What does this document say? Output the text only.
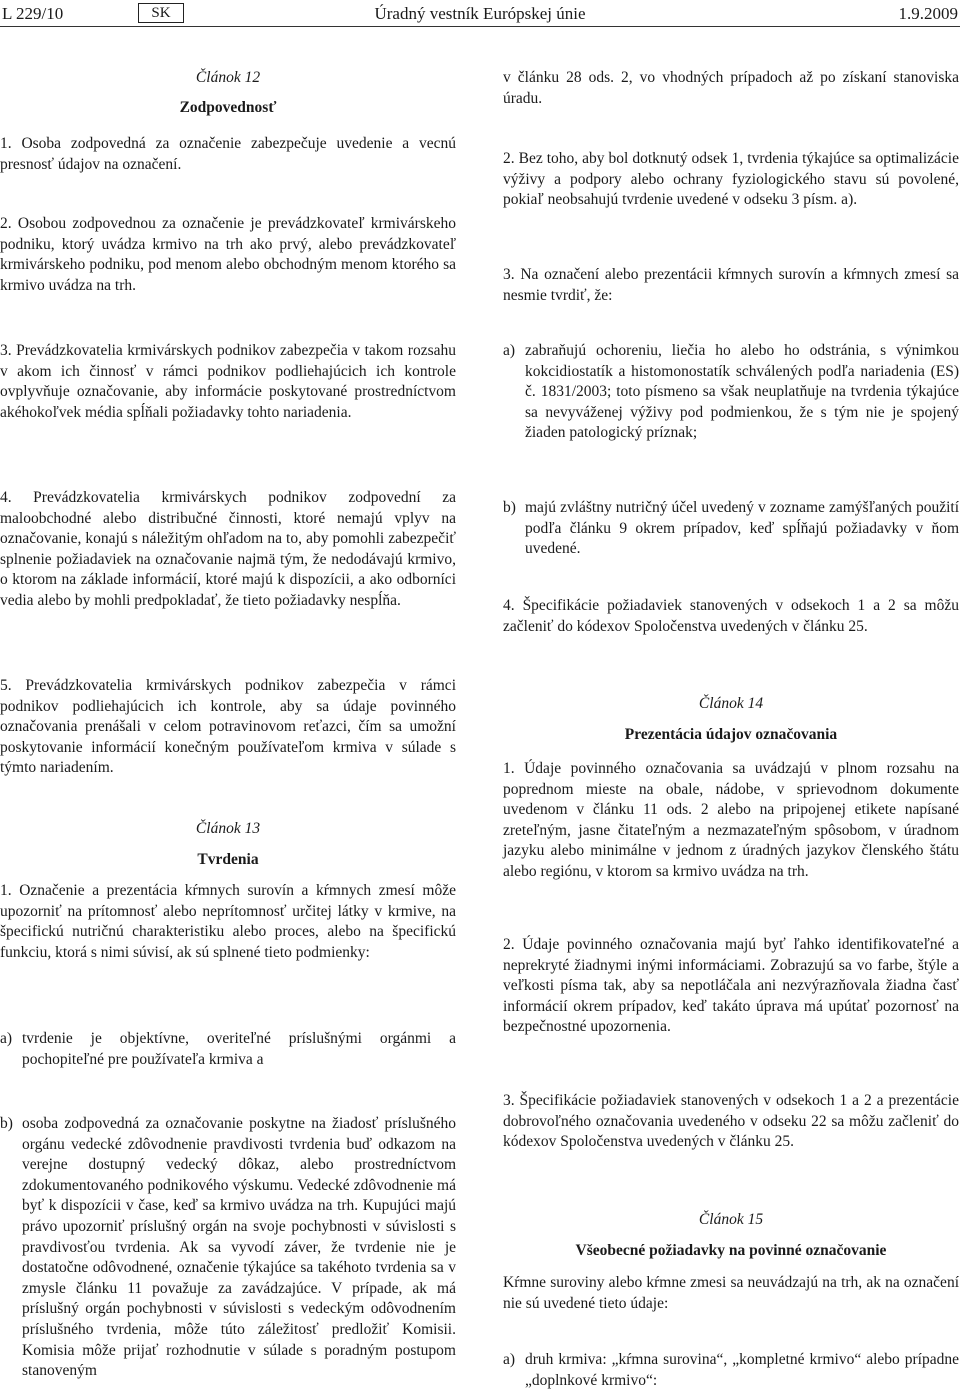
L 229/10	SK	Úradný vestník Európskej únie	1.9.2009

Článok 12

Zodpovednosť

1. Osoba zodpovedná za označenie zabezpečuje uvedenie a vecnú presnosť údajov na označení.

2. Osobou zodpovednou za označenie je prevádzkovateľ krmivárskeho podniku, ktorý uvádza krmivo na trh ako prvý, alebo prevádzkovateľ krmivárskeho podniku, pod menom alebo obchodným menom ktorého sa krmivo uvádza na trh.

3. Prevádzkovatelia krmivárskych podnikov zabezpečia v takom rozsahu v akom ich činnosť v rámci podnikov podliehajúcich ich kontrole ovplyvňuje označovanie, aby informácie poskytované prostredníctvom akéhokoľvek média spĺňali požiadavky tohto nariadenia.

4. Prevádzkovatelia krmivárskych podnikov zodpovední za maloobchodné alebo distribučné činnosti, ktoré nemajú vplyv na označovanie, konajú s náležitým ohľadom na to, aby pomohli zabezpečiť splnenie požiadaviek na označovanie najmä tým, že nedodávajú krmivo, o ktorom na základe informácií, ktoré majú k dispozícii, a ako odborníci vedia alebo by mohli predpokladať, že tieto požiadavky nespĺňa.

5. Prevádzkovatelia krmivárskych podnikov zabezpečia v rámci podnikov podliehajúcich ich kontrole, aby sa údaje povinného označovania prenášali v celom potravinovom reťazci, čím sa umožní poskytovanie informácií konečným používateľom krmiva v súlade s týmto nariadením.

Článok 13

Tvrdenia

1. Označenie a prezentácia kŕmnych surovín a kŕmnych zmesí môže upozorniť na prítomnosť alebo neprítomnosť určitej látky v krmive, na špecifickú nutričnú charakteristiku alebo proces, alebo na špecifickú funkciu, ktorá s nimi súvisí, ak sú splnené tieto podmienky:

a) tvrdenie je objektívne, overiteľné príslušnými orgánmi a pochopiteľné pre používateľa krmiva a
b) osoba zodpovedná za označovanie poskytne na žiadosť príslušného orgánu vedecké zdôvodnenie pravdivosti tvrdenia buď odkazom na verejne dostupný vedecký dôkaz, alebo prostredníctvom zdokumentovaného podnikového výskumu. Vedecké zdôvodnenie má byť k dispozícii v čase, keď sa krmivo uvádza na trh. Kupujúci majú právo upozorniť príslušný orgán na svoje pochybnosti v súvislosti s pravdivosťou tvrdenia. Ak sa vyvodí záver, že tvrdenie nie je dostatočne odôvodnené, označenie týkajúce sa takéhoto tvrdenia sa v zmysle článku 11 považuje za zavádzajúce. V prípade, ak má príslušný orgán pochybnosti v súvislosti s vedeckým odôvodnením príslušného tvrdenia, môže túto záležitosť predložiť Komisii. Komisia môže prijať rozhodnutie v súlade s poradným postupom stanoveným

v článku 28 ods. 2, vo vhodných prípadoch až po získaní stanoviska úradu.

2. Bez toho, aby bol dotknutý odsek 1, tvrdenia týkajúce sa optimalizácie výživy a podpory alebo ochrany fyziologického stavu sú povolené, pokiaľ neobsahujú tvrdenie uvedené v odseku 3 písm. a).

3. Na označení alebo prezentácii kŕmnych surovín a kŕmnych zmesí sa nesmie tvrdiť, že:

a) zabraňujú ochoreniu, liečia ho alebo ho odstránia, s výnimkou kokcidiostatík a histomonostatík schválených podľa nariadenia (ES) č. 1831/2003; toto písmeno sa však neuplatňuje na tvrdenia týkajúce sa nevyváženej výživy pod podmienkou, že s tým nie je spojený žiaden patologický príznak;
b) majú zvláštny nutričný účel uvedený v zozname zamýšľaných použití podľa článku 9 okrem prípadov, keď spĺňajú požiadavky v ňom uvedené.

4. Špecifikácie požiadaviek stanovených v odsekoch 1 a 2 sa môžu začleniť do kódexov Spoločenstva uvedených v článku 25.

Článok 14

Prezentácia údajov označovania

1. Údaje povinného označovania sa uvádzajú v plnom rozsahu na poprednom mieste na obale, nádobe, v sprievodnom dokumente uvedenom v článku 11 ods. 2 alebo na pripojenej etikete napísané zreteľným, jasne čitateľným a nezmazateľným spôsobom, v úradnom jazyku alebo minimálne v jednom z úradných jazykov členského štátu alebo regiónu, v ktorom sa krmivo uvádza na trh.

2. Údaje povinného označovania majú byť ľahko identifikovateľné a neprekryté žiadnymi inými informáciami. Zobrazujú sa vo farbe, štýle a veľkosti písma tak, aby sa nepotláčala ani nezvýrazňovala žiadna časť informácií okrem prípadov, keď takáto úprava má upútať pozornosť na bezpečnostné upozornenia.

3. Špecifikácie požiadaviek stanovených v odsekoch 1 a 2 a prezentácie dobrovoľného označovania uvedeného v odseku 22 sa môžu začleniť do kódexov Spoločenstva uvedených v článku 25.

Článok 15

Všeobecné požiadavky na povinné označovanie

Kŕmne suroviny alebo kŕmne zmesi sa neuvádzajú na trh, ak na označení nie sú uvedené tieto údaje:

a) druh krmiva: „kŕmna surovina“, „kompletné krmivo“ alebo prípadne „doplnkové krmivo“:
